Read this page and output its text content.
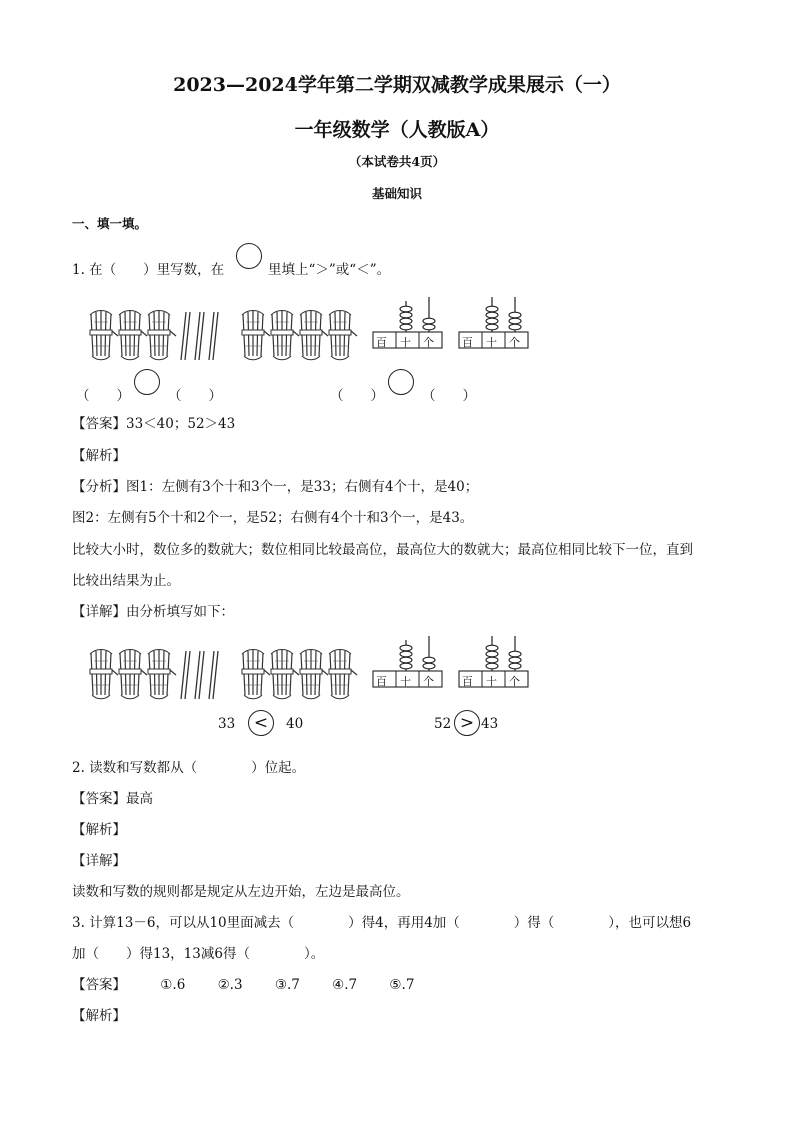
2023—2024学年第二学期双减教学成果展示（一）
一年级数学（人教版A）
（本试卷共4页）
基础知识
一、填一填。
1. 在（　　）里写数，在	里填上“＞”或“＜”。
百 十 个	百 十 个
（　　）	（　　）	（　　）	（　　）
【答案】33＜40；52＞43
【解析】
【分析】图1：左侧有3个十和3个一，是33；右侧有4个十，是40；
图2：左侧有5个十和2个一，是52；右侧有4个十和3个一，是43。
比较大小时，数位多的数就大；数位相同比较最高位，最高位大的数就大；最高位相同比较下一位，直到
比较出结果为止。
【详解】由分析填写如下：
百 十 个	百 十 个
33	<	40	52 > 43
2. 读数和写数都从（　　　　）位起。
【答案】最高
【解析】
【详解】
读数和写数的规则都是规定从左边开始，左边是最高位。
3. 计算13－6，可以从10里面减去（　　　　）得4，再用4加（　　　　）得（　　　　），也可以想6
加（　　）得13，13减6得（　　　　）。
【答案】	①.6 ②.3 ③.7 ④.7 ⑤.7
【解析】
